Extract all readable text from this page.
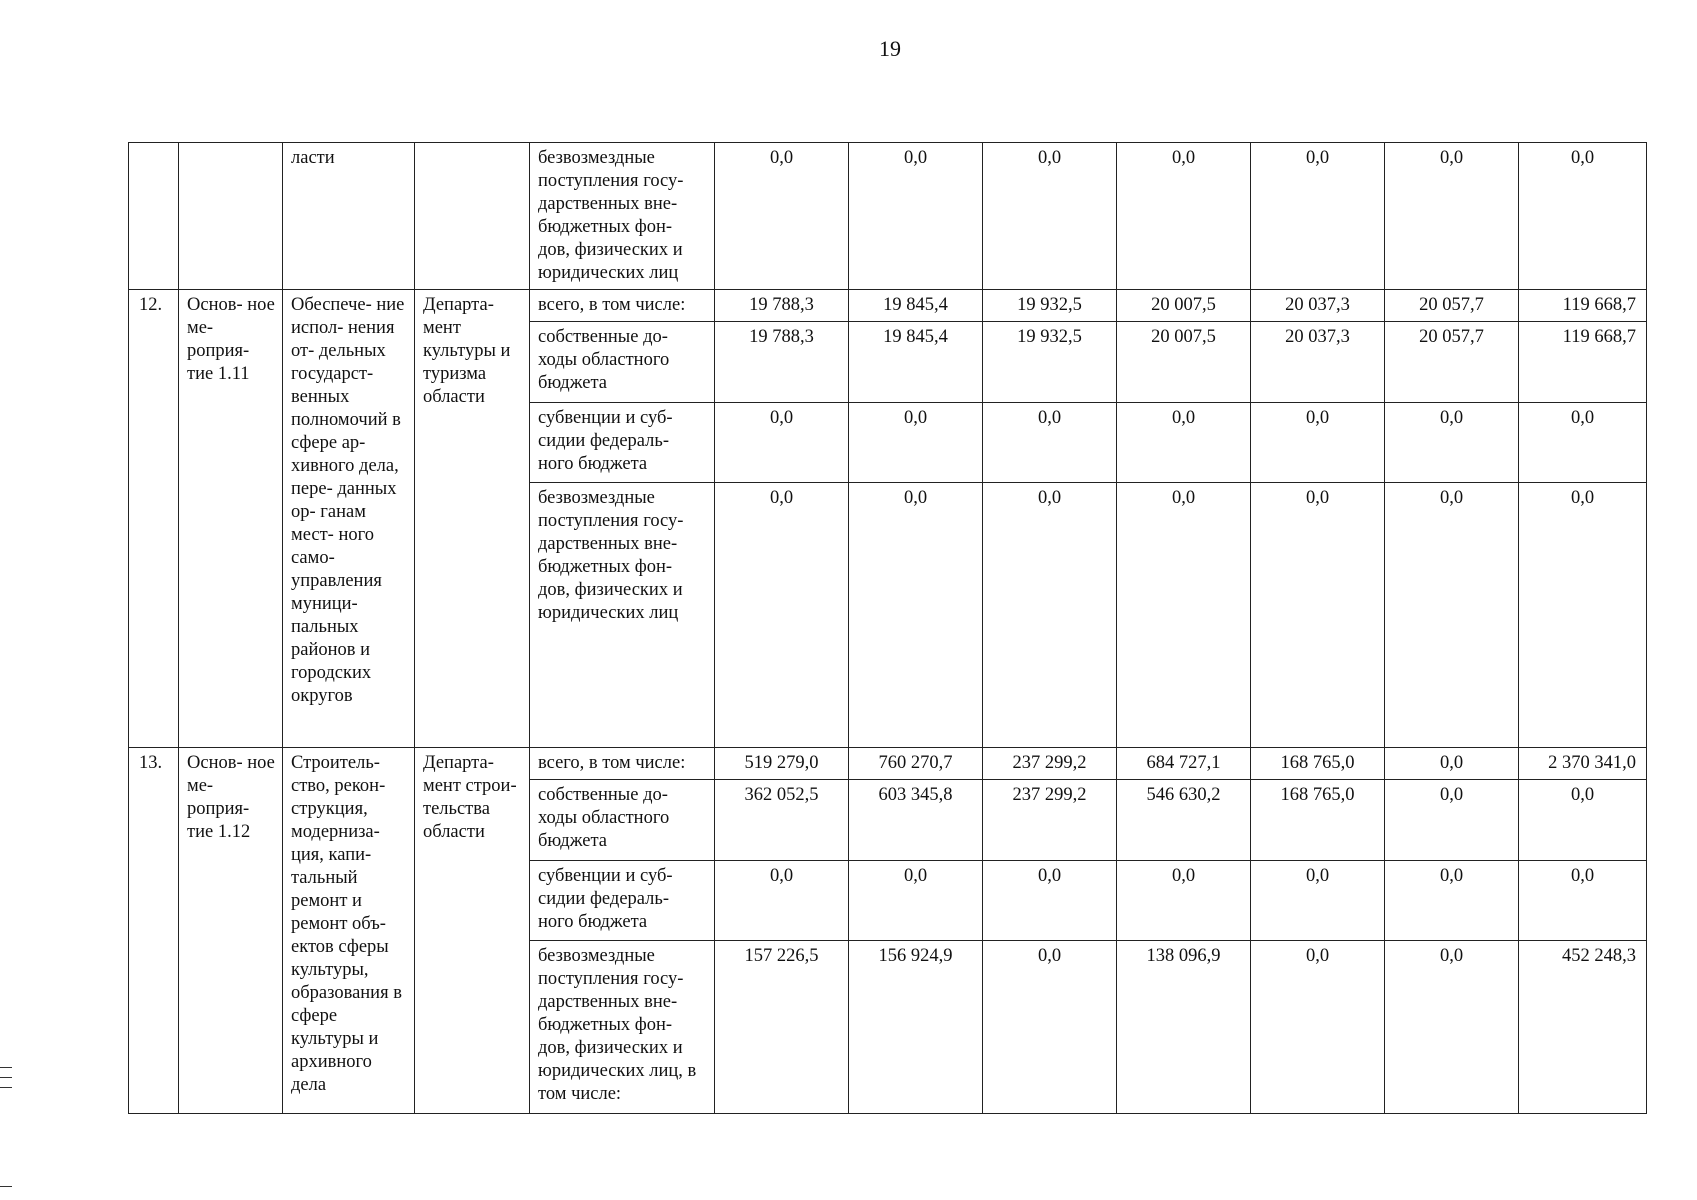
19
		ласти		безвозмездные поступления госу- дарственных вне- бюджетных фон- дов, физических и юридических лиц	0,0	0,0	0,0	0,0	0,0	0,0	0,0
12.	Основ- ное ме- роприя- тие 1.11	Обеспече- ние испол- нения от- дельных государст- венных полномочий в сфере ар- хивного дела, пере- данных ор- ганам мест- ного само- управления муници- пальных районов и городских округов	Департа- мент культуры и туризма области	всего, в том числе:	19 788,3	19 845,4	19 932,5	20 007,5	20 037,3	20 057,7	119 668,7
				собственные до- ходы областного бюджета	19 788,3	19 845,4	19 932,5	20 007,5	20 037,3	20 057,7	119 668,7
				субвенции и суб- сидии федераль- ного бюджета	0,0	0,0	0,0	0,0	0,0	0,0	0,0
				безвозмездные поступления госу- дарственных вне- бюджетных фон- дов, физических и юридических лиц	0,0	0,0	0,0	0,0	0,0	0,0	0,0
13.	Основ- ное ме- роприя- тие 1.12	Строитель- ство, рекон- струкция, модерниза- ция, капи- тальный ремонт и ремонт объ- ектов сферы культуры, образования в сфере культуры и архивного дела	Департа- мент строи- тельства области	всего, в том числе:	519 279,0	760 270,7	237 299,2	684 727,1	168 765,0	0,0	2 370 341,0
				собственные до- ходы областного бюджета	362 052,5	603 345,8	237 299,2	546 630,2	168 765,0	0,0	0,0
				субвенции и суб- сидии федераль- ного бюджета	0,0	0,0	0,0	0,0	0,0	0,0	0,0
				безвозмездные поступления госу- дарственных вне- бюджетных фон- дов, физических и юридических лиц, в том числе:	157 226,5	156 924,9	0,0	138 096,9	0,0	0,0	452 248,3
